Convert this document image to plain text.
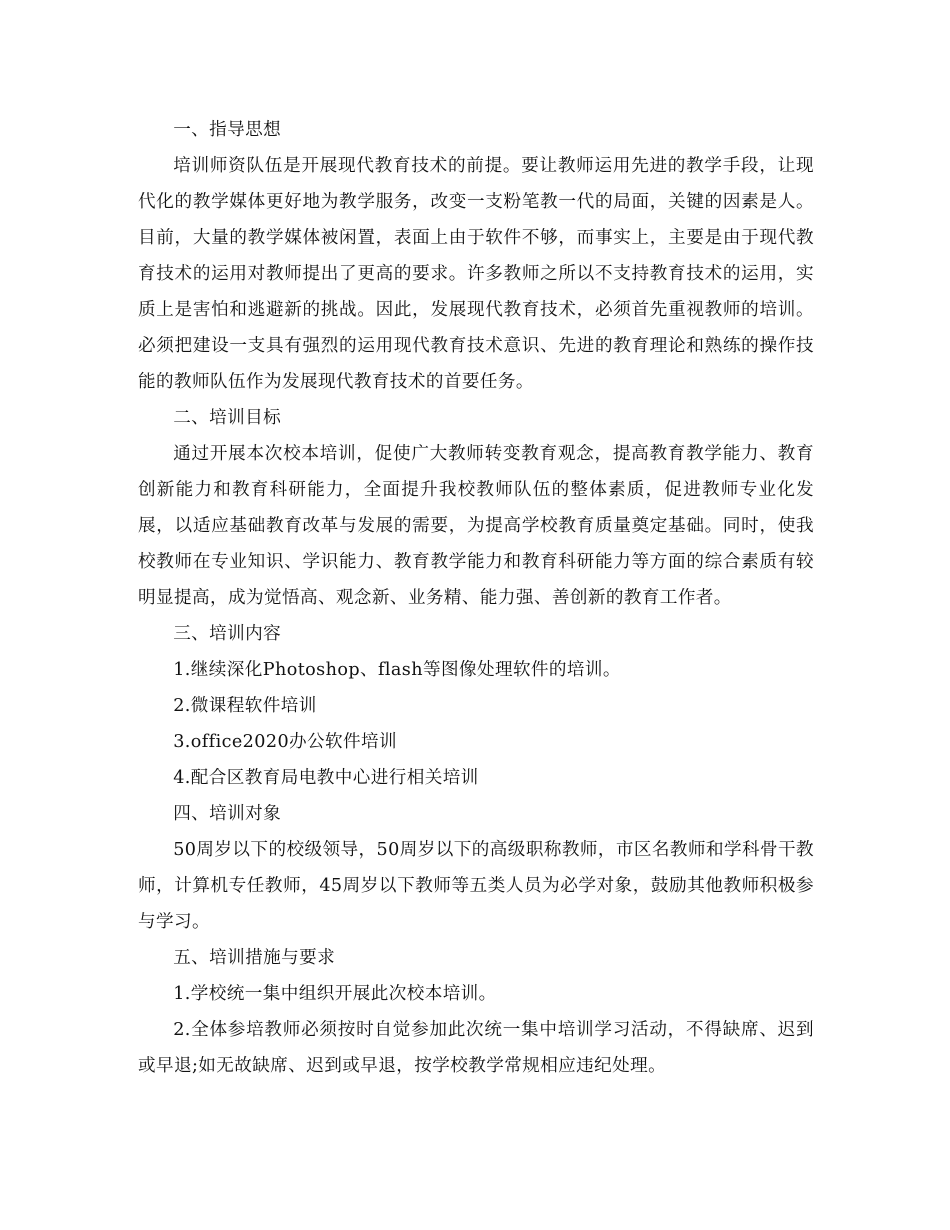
一、指导思想

培训师资队伍是开展现代教育技术的前提。要让教师运用先进的教学手段，让现代化的教学媒体更好地为教学服务，改变一支粉笔教一代的局面，关键的因素是人。目前，大量的教学媒体被闲置，表面上由于软件不够，而事实上，主要是由于现代教育技术的运用对教师提出了更高的要求。许多教师之所以不支持教育技术的运用，实质上是害怕和逃避新的挑战。因此，发展现代教育技术，必须首先重视教师的培训。必须把建设一支具有强烈的运用现代教育技术意识、先进的教育理论和熟练的操作技能的教师队伍作为发展现代教育技术的首要任务。

二、培训目标

通过开展本次校本培训，促使广大教师转变教育观念，提高教育教学能力、教育创新能力和教育科研能力，全面提升我校教师队伍的整体素质，促进教师专业化发展，以适应基础教育改革与发展的需要，为提高学校教育质量奠定基础。同时，使我校教师在专业知识、学识能力、教育教学能力和教育科研能力等方面的综合素质有较明显提高，成为觉悟高、观念新、业务精、能力强、善创新的教育工作者。

三、培训内容

1.继续深化Photoshop、flash等图像处理软件的培训。

2.微课程软件培训

3.office2020办公软件培训

4.配合区教育局电教中心进行相关培训

四、培训对象

50周岁以下的校级领导，50周岁以下的高级职称教师，市区名教师和学科骨干教师，计算机专任教师，45周岁以下教师等五类人员为必学对象，鼓励其他教师积极参与学习。

五、培训措施与要求

1.学校统一集中组织开展此次校本培训。

2.全体参培教师必须按时自觉参加此次统一集中培训学习活动，不得缺席、迟到或早退;如无故缺席、迟到或早退，按学校教学常规相应违纪处理。
